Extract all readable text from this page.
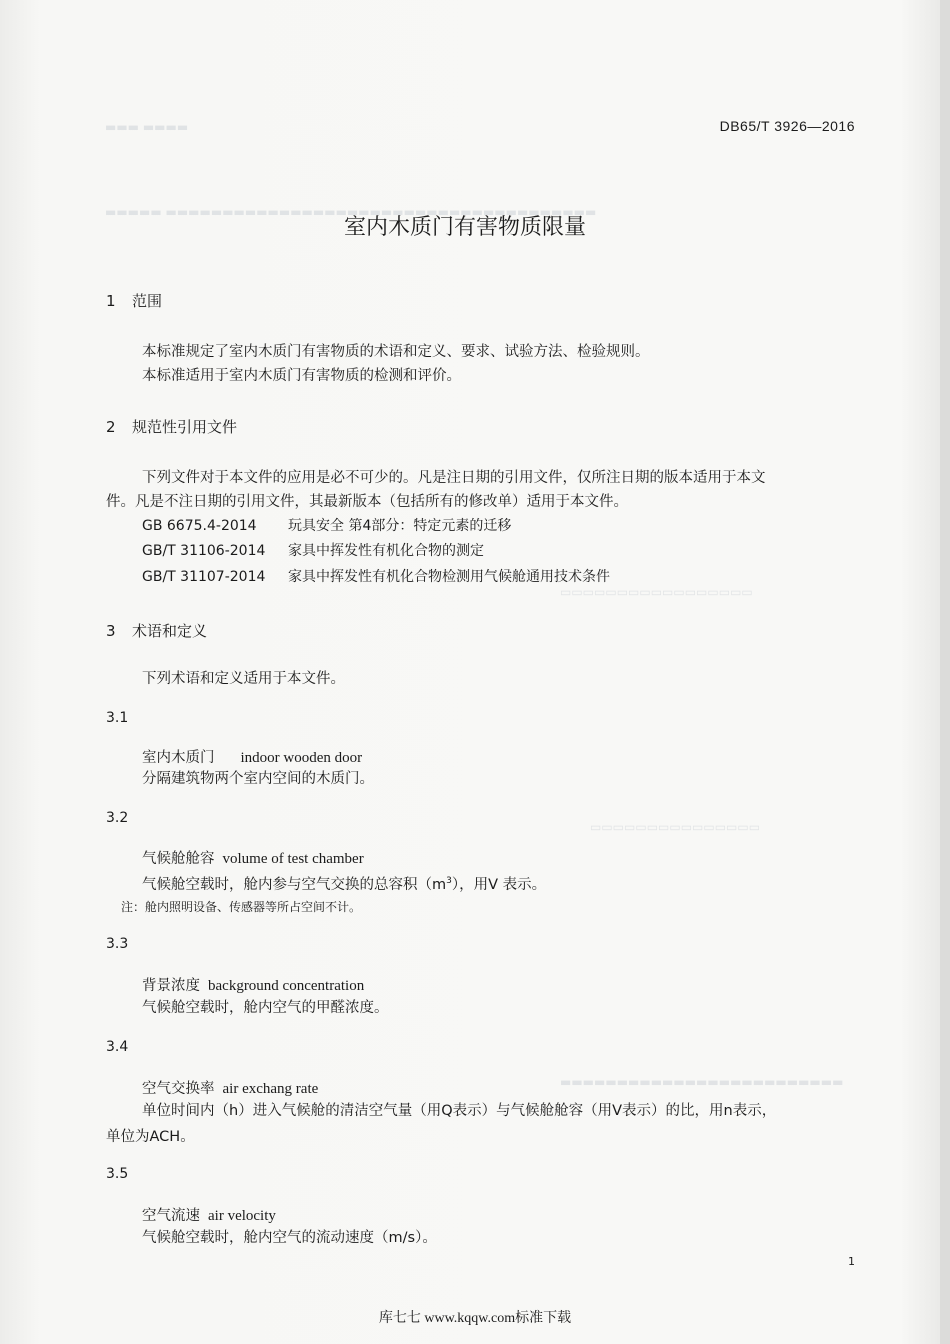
▬▬▬ ▬▬▬▬
▬▬▬▬▬ ▬▬▬▬▬▬▬▬▬▬▬▬▬▬▬▬▬▬▬▬▬▬▬▬▬▬▬▬▬▬▬▬▬▬▬▬▬▬
▭▭▭▭▭▭▭▭▭▭▭▭▭▭▭▭▭
▭▭▭▭▭▭▭▭▭▭▭▭▭▭▭
▬▬▬▬▬▬▬▬▬▬▬▬▬▬▬▬▬▬▬▬▬▬▬▬▬
DB65/T 3926—2016
室内木质门有害物质限量
1 范围
本标准规定了室内木质门有害物质的术语和定义、要求、试验方法、检验规则。
本标准适用于室内木质门有害物质的检测和评价。
2 规范性引用文件
下列文件对于本文件的应用是必不可少的。凡是注日期的引用文件，仅所注日期的版本适用于本文
件。凡是不注日期的引用文件，其最新版本（包括所有的修改单）适用于本文件。
GB 6675.4-2014 玩具安全 第4部分：特定元素的迁移
GB/T 31106-2014 家具中挥发性有机化合物的测定
GB/T 31107-2014 家具中挥发性有机化合物检测用气候舱通用技术条件
3 术语和定义
下列术语和定义适用于本文件。
3.1
室内木质门 indoor wooden door
分隔建筑物两个室内空间的木质门。
3.2
气候舱舱容 volume of test chamber
气候舱空载时，舱内参与空气交换的总容积$(m^3)$，用V 表示。
注：舱内照明设备、传感器等所占空间不计。
3.3
背景浓度 background concentration
气候舱空载时，舱内空气的甲醛浓度。
3.4
空气交换率 air exchang rate
单位时间内（h）进入气候舱的清洁空气量（用Q表示）与气候舱舱容（用V表示）的比，用n表示，
单位为ACH。
3.5
空气流速 air velocity
气候舱空载时，舱内空气的流动速度（m/s）。
1
库七七 www.kqqw.com标准下载
